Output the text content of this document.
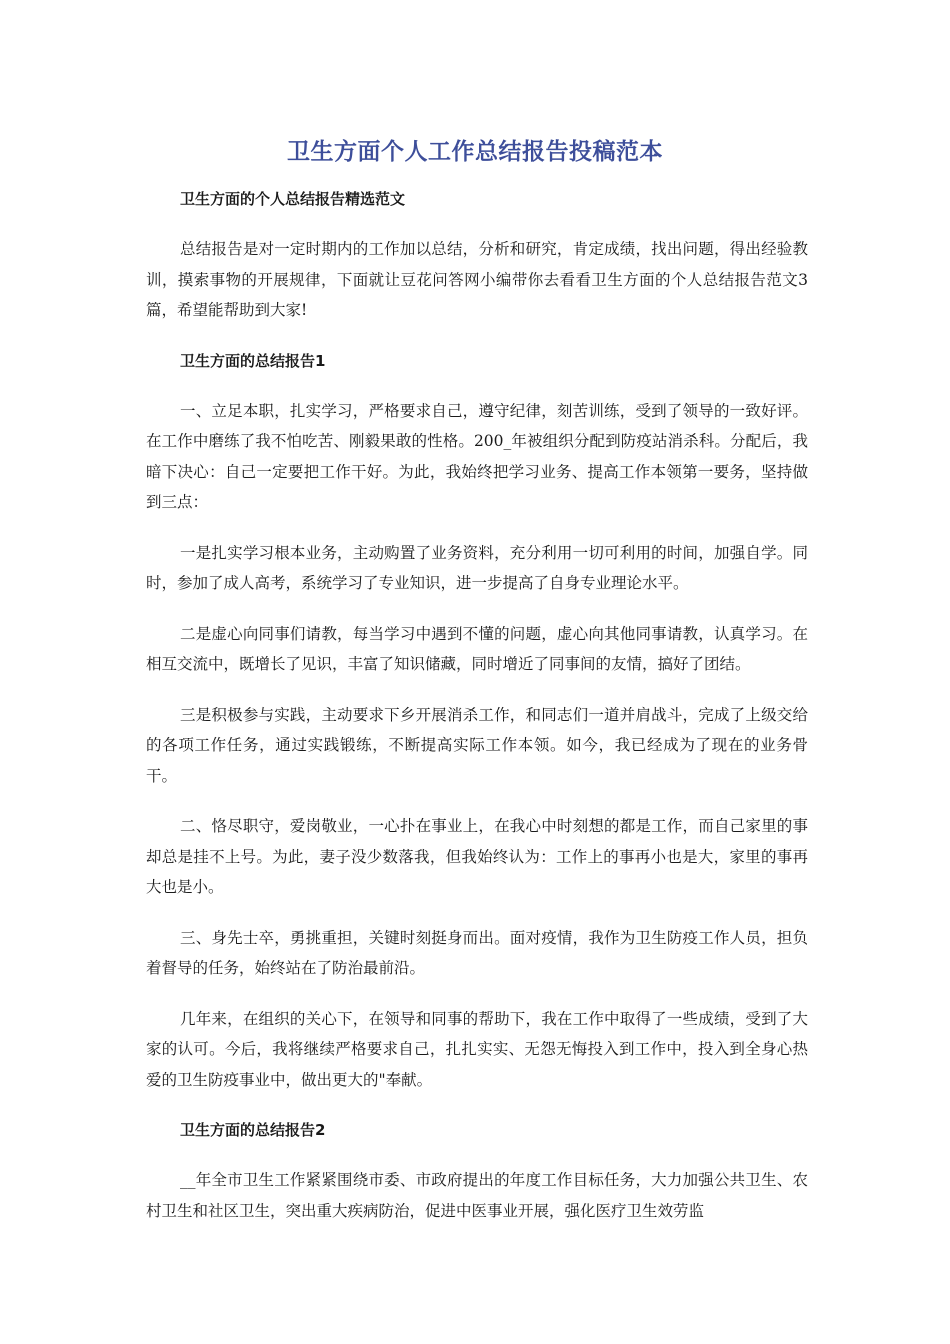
卫生方面个人工作总结报告投稿范本
卫生方面的个人总结报告精选范文
总结报告是对一定时期内的工作加以总结，分析和研究，肯定成绩，找出问题，得出经验教训，摸索事物的开展规律，下面就让豆花问答网小编带你去看看卫生方面的个人总结报告范文3篇，希望能帮助到大家!
卫生方面的总结报告1
一、立足本职，扎实学习，严格要求自己，遵守纪律，刻苦训练，受到了领导的一致好评。在工作中磨练了我不怕吃苦、刚毅果敢的性格。200_年被组织分配到防疫站消杀科。分配后，我暗下决心：自己一定要把工作干好。为此，我始终把学习业务、提高工作本领第一要务，坚持做到三点：
一是扎实学习根本业务，主动购置了业务资料，充分利用一切可利用的时间，加强自学。同时，参加了成人高考，系统学习了专业知识，进一步提高了自身专业理论水平。
二是虚心向同事们请教，每当学习中遇到不懂的问题，虚心向其他同事请教，认真学习。在相互交流中，既增长了见识，丰富了知识储藏，同时增近了同事间的友情，搞好了团结。
三是积极参与实践，主动要求下乡开展消杀工作，和同志们一道并肩战斗，完成了上级交给的各项工作任务，通过实践锻练，不断提高实际工作本领。如今，我已经成为了现在的业务骨干。
二、恪尽职守，爱岗敬业，一心扑在事业上，在我心中时刻想的都是工作，而自己家里的事却总是挂不上号。为此，妻子没少数落我，但我始终认为：工作上的事再小也是大，家里的事再大也是小。
三、身先士卒，勇挑重担，关键时刻挺身而出。面对疫情，我作为卫生防疫工作人员，担负着督导的任务，始终站在了防治最前沿。
几年来，在组织的关心下，在领导和同事的帮助下，我在工作中取得了一些成绩，受到了大家的认可。今后，我将继续严格要求自己，扎扎实实、无怨无悔投入到工作中，投入到全身心热爱的卫生防疫事业中，做出更大的"奉献。
卫生方面的总结报告2
__年全市卫生工作紧紧围绕市委、市政府提出的年度工作目标任务，大力加强公共卫生、农村卫生和社区卫生，突出重大疾病防治，促进中医事业开展，强化医疗卫生效劳监
